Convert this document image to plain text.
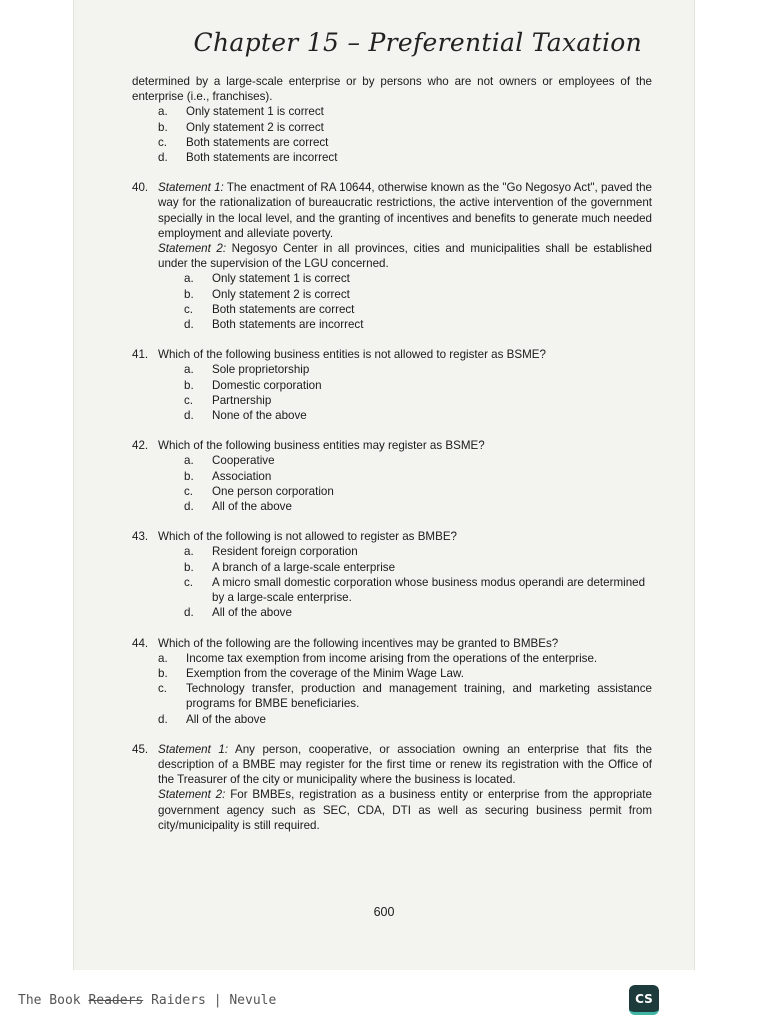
Chapter 15 – Preferential Taxation

determined by a large-scale enterprise or by persons who are not owners or employees of the enterprise (i.e., franchises).

a.	Only statement 1 is correct
b.	Only statement 2 is correct
c.	Both statements are correct
d.	Both statements are incorrect
40. Statement 1: The enactment of RA 10644, otherwise known as the "Go Negosyo Act", paved the way for the rationalization of bureaucratic restrictions, the active intervention of the government specially in the local level, and the granting of incentives and benefits to generate much needed employment and alleviate poverty.

Statement 2: Negosyo Center in all provinces, cities and municipalities shall be established under the supervision of the LGU concerned.

a.	Only statement 1 is correct
b.	Only statement 2 is correct
c.	Both statements are correct
d.	Both statements are incorrect
41. Which of the following business entities is not allowed to register as BSME?

a.	Sole proprietorship
b.	Domestic corporation
c.	Partnership
d.	None of the above
42. Which of the following business entities may register as BSME?

a.	Cooperative
b.	Association
c.	One person corporation
d.	All of the above
43. Which of the following is not allowed to register as BMBE?

a.	Resident foreign corporation
b.	A branch of a large-scale enterprise
c.	A micro small domestic corporation whose business modus operandi are determined by a large-scale enterprise.
d.	All of the above
44. Which of the following are the following incentives may be granted to BMBEs?

a.	Income tax exemption from income arising from the operations of the enterprise.
b.	Exemption from the coverage of the Minim Wage Law.
c.	Technology transfer, production and management training, and marketing assistance programs for BMBE beneficiaries.
d.	All of the above
45. Statement 1: Any person, cooperative, or association owning an enterprise that fits the description of a BMBE may register for the first time or renew its registration with the Office of the Treasurer of the city or municipality where the business is located.

Statement 2: For BMBEs, registration as a business entity or enterprise from the appropriate government agency such as SEC, CDA, DTI as well as securing business permit from city/municipality is still required.

600
The Book Readers Raiders | Nevule	CS
